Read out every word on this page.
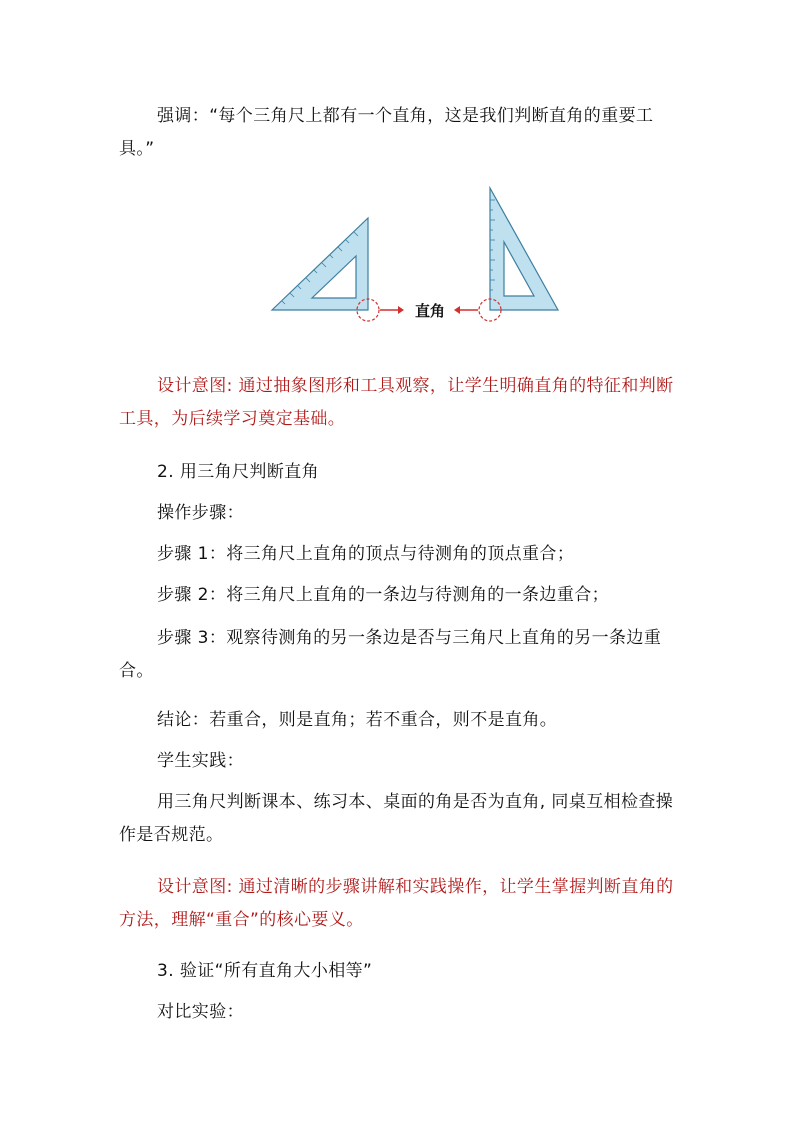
强调：“每个三角尺上都有一个直角，这是我们判断直角的重要工具。”

直角

设计意图: 通过抽象图形和工具观察，让学生明确直角的特征和判断工具，为后续学习奠定基础。

2. 用三角尺判断直角

操作步骤：

步骤 1：将三角尺上直角的顶点与待测角的顶点重合；

步骤 2：将三角尺上直角的一条边与待测角的一条边重合；

步骤 3：观察待测角的另一条边是否与三角尺上直角的另一条边重合。

结论：若重合，则是直角；若不重合，则不是直角。

学生实践：

用三角尺判断课本、练习本、桌面的角是否为直角, 同桌互相检查操作是否规范。

设计意图: 通过清晰的步骤讲解和实践操作，让学生掌握判断直角的方法，理解“重合”的核心要义。

3. 验证“所有直角大小相等”

对比实验：
